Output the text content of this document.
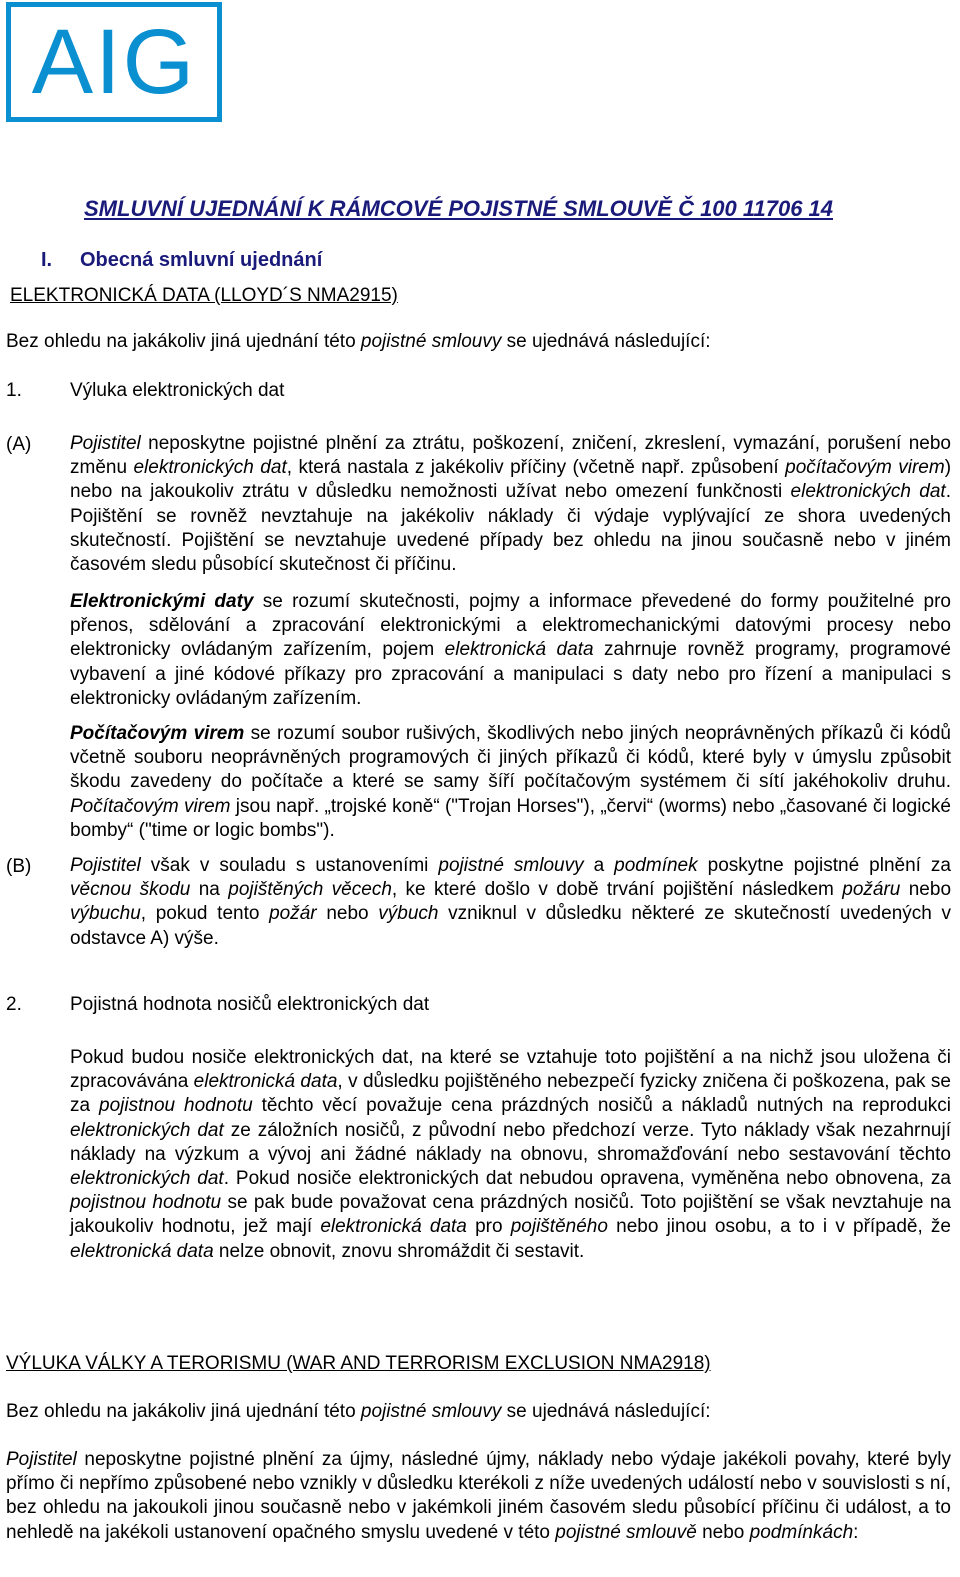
AIG
SMLUVNÍ UJEDNÁNÍ K RÁMCOVÉ POJISTNÉ SMLOUVĚ Č 100 11706 14
I. Obecná smluvní ujednání
ELEKTRONICKÁ DATA (LLOYD´S NMA2915)
Bez ohledu na jakákoliv jiná ujednání této pojistné smlouvy se ujednává následující:
1.	Výluka elektronických dat
(A) Pojistitel neposkytne pojistné plnění za ztrátu, poškození, zničení, zkreslení, vymazání, porušení nebo změnu elektronických dat, která nastala z jakékoliv příčiny (včetně např. způsobení počítačovým virem) nebo na jakoukoliv ztrátu v důsledku nemožnosti užívat nebo omezení funkčnosti elektronických dat. Pojištění se rovněž nevztahuje na jakékoliv náklady či výdaje vyplývající ze shora uvedených skutečností. Pojištění se nevztahuje uvedené případy bez ohledu na jinou současně nebo v jiném časovém sledu působící skutečnost či příčinu.
Elektronickými daty se rozumí skutečnosti, pojmy a informace převedené do formy použitelné pro přenos, sdělování a zpracování elektronickými a elektromechanickými datovými procesy nebo elektronicky ovládaným zařízením, pojem elektronická data zahrnuje rovněž programy, programové vybavení a jiné kódové příkazy pro zpracování a manipulaci s daty nebo pro řízení a manipulaci s elektronicky ovládaným zařízením.
Počítačovým virem se rozumí soubor rušivých, škodlivých nebo jiných neoprávněných příkazů či kódů včetně souboru neoprávněných programových či jiných příkazů či kódů, které byly v úmyslu způsobit škodu zavedeny do počítače a které se samy šíří počítačovým systémem či sítí jakéhokoliv druhu. Počítačovým virem jsou např. „trojské koně“ ("Trojan Horses"), „červi“ (worms) nebo „časované či logické bomby“ ("time or logic bombs").
(B) Pojistitel však v souladu s ustanoveními pojistné smlouvy a podmínek poskytne pojistné plnění za věcnou škodu na pojištěných věcech, ke které došlo v době trvání pojištění následkem požáru nebo výbuchu, pokud tento požár nebo výbuch vzniknul v důsledku některé ze skutečností uvedených v odstavce A) výše.
2.	Pojistná hodnota nosičů elektronických dat
Pokud budou nosiče elektronických dat, na které se vztahuje toto pojištění a na nichž jsou uložena či zpracovávána elektronická data, v důsledku pojištěného nebezpečí fyzicky zničena či poškozena, pak se za pojistnou hodnotu těchto věcí považuje cena prázdných nosičů a nákladů nutných na reprodukci elektronických dat ze záložních nosičů, z původní nebo předchozí verze. Tyto náklady však nezahrnují náklady na výzkum a vývoj ani žádné náklady na obnovu, shromažďování nebo sestavování těchto elektronických dat. Pokud nosiče elektronických dat nebudou opravena, vyměněna nebo obnovena, za pojistnou hodnotu se pak bude považovat cena prázdných nosičů. Toto pojištění se však nevztahuje na jakoukoliv hodnotu, jež mají elektronická data pro pojištěného nebo jinou osobu, a to i v případě, že elektronická data nelze obnovit, znovu shromáždit či sestavit.
VÝLUKA VÁLKY A TERORISMU (WAR AND TERRORISM EXCLUSION NMA2918)
Bez ohledu na jakákoliv jiná ujednání této pojistné smlouvy se ujednává následující:
Pojistitel neposkytne pojistné plnění za újmy, následné újmy, náklady nebo výdaje jakékoli povahy, které byly přímo či nepřímo způsobené nebo vznikly v důsledku kterékoli z níže uvedených událostí nebo v souvislosti s ní, bez ohledu na jakoukoli jinou současně nebo v jakémkoli jiném časovém sledu působící příčinu či událost, a to nehledě na jakékoli ustanovení opačného smyslu uvedené v této pojistné smlouvě nebo podmínkách:
